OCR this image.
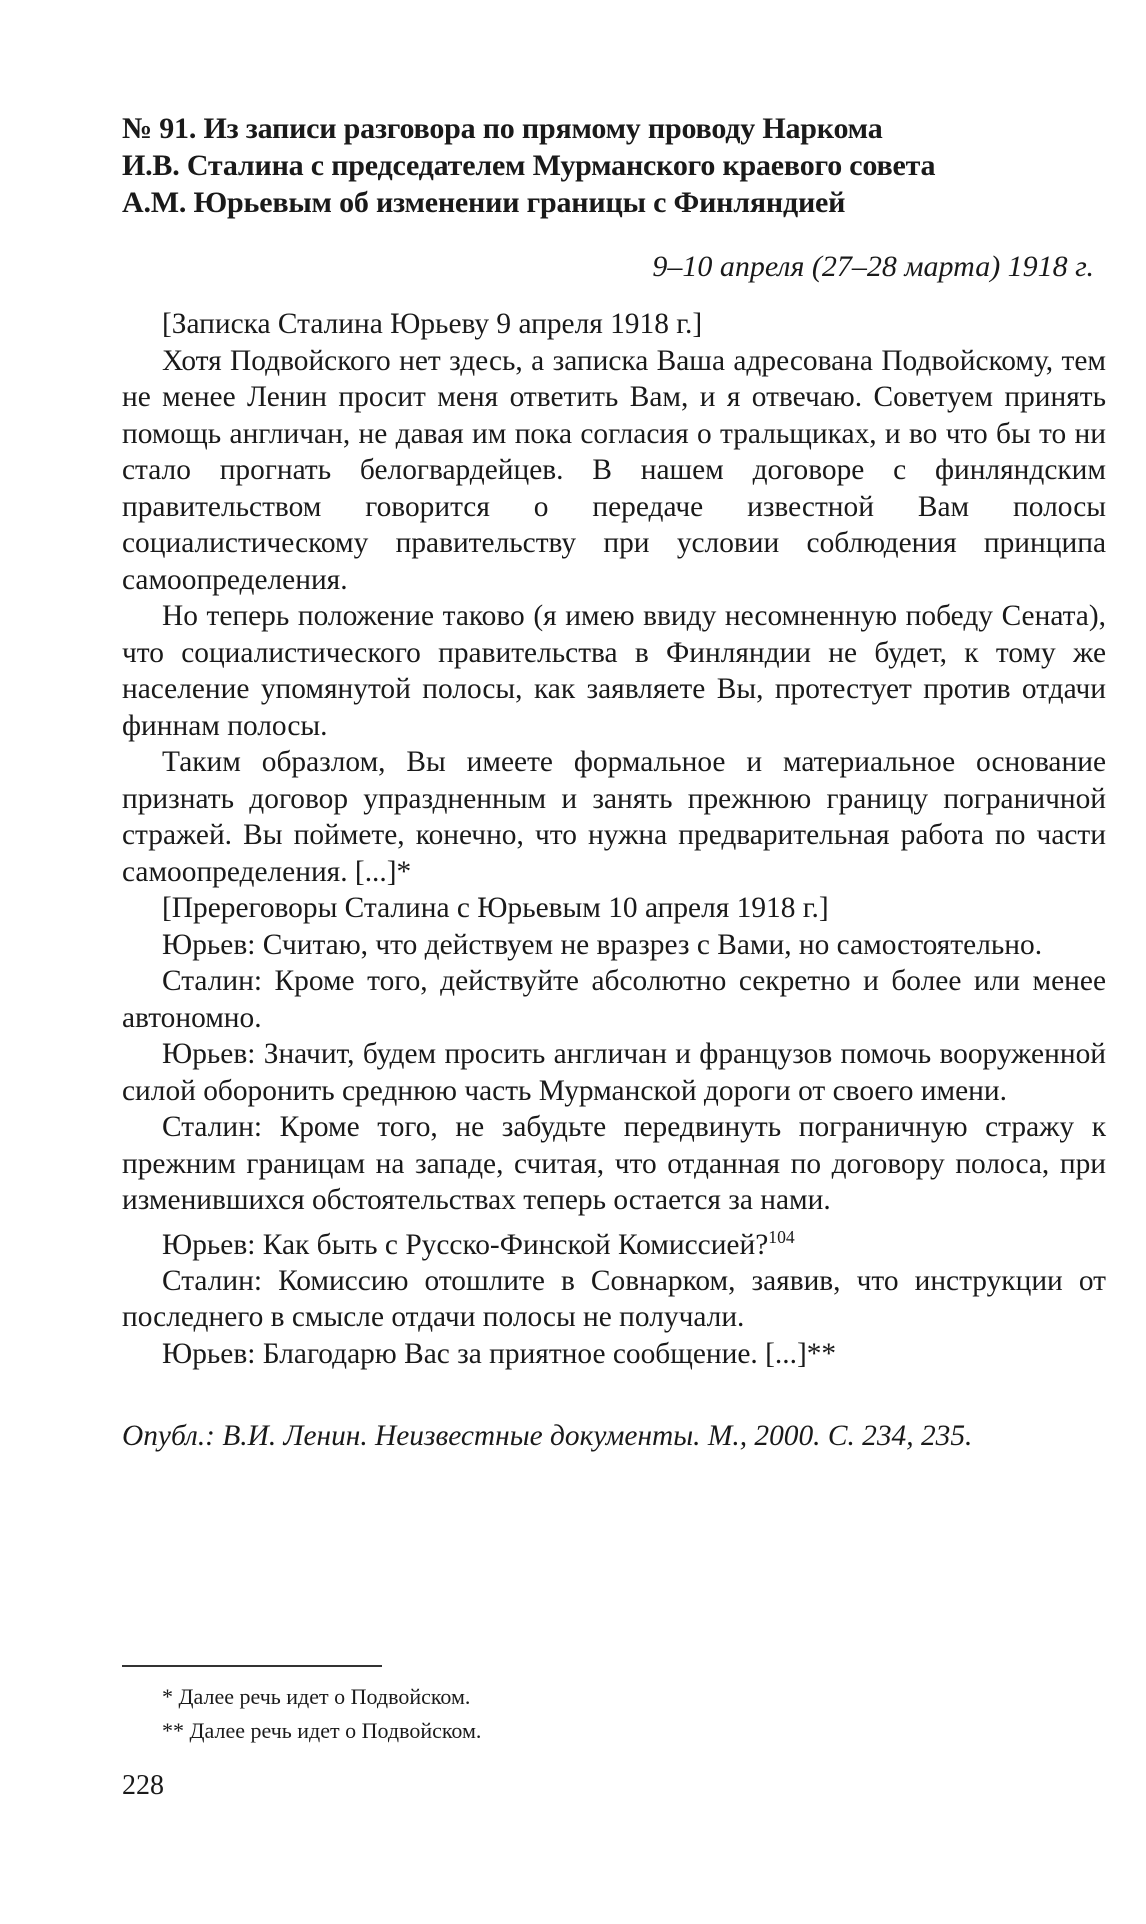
№ 91. Из записи разговора по прямому проводу Наркома
И.В. Сталина с председателем Мурманского краевого совета
А.М. Юрьевым об изменении границы с Финляндией
9–10 апреля (27–28 марта) 1918 г.

[Записка Сталина Юрьеву 9 апреля 1918 г.]

Хотя Подвойского нет здесь, а записка Ваша адресована Подвойскому, тем не менее Ленин просит меня ответить Вам, и я отвечаю. Советуем принять помощь англичан, не давая им пока согласия о тральщиках, и во что бы то ни стало прогнать белогвардейцев. В нашем договоре с финляндским правительством говорится о передаче известной Вам полосы социалистическому правительству при условии соблюдения принципа самоопределения.

Но теперь положение таково (я имею ввиду несомненную победу Сената), что социалистического правительства в Финляндии не будет, к тому же население упомянутой полосы, как заявляете Вы, протестует против отдачи финнам полосы.

Таким образлом, Вы имеете формальное и материальное основание признать договор упраздненным и занять прежнюю границу пограничной стражей. Вы поймете, конечно, что нужна предварительная работа по части самоопределения. [...]*

[Пререговоры Сталина с Юрьевым 10 апреля 1918 г.]

Юрьев: Считаю, что действуем не вразрез с Вами, но самостоятельно.

Сталин: Кроме того, действуйте абсолютно секретно и более или менее автономно.

Юрьев: Значит, будем просить англичан и французов помочь вооруженной силой оборонить среднюю часть Мурманской дороги от своего имени.

Сталин: Кроме того, не забудьте передвинуть пограничную стражу к прежним границам на западе, считая, что отданная по договору полоса, при изменившихся обстоятельствах теперь остается за нами.

Юрьев: Как быть с Русско-Финской Комиссией?$^{104}$

Сталин: Комиссию отошлите в Совнарком, заявив, что инструкции от последнего в смысле отдачи полосы не получали.

Юрьев: Благодарю Вас за приятное сообщение. [...]**

Опубл.: В.И. Ленин. Неизвестные документы. М., 2000. С. 234, 235.
* Далее речь идет о Подвойском.
** Далее речь идет о Подвойском.
228
